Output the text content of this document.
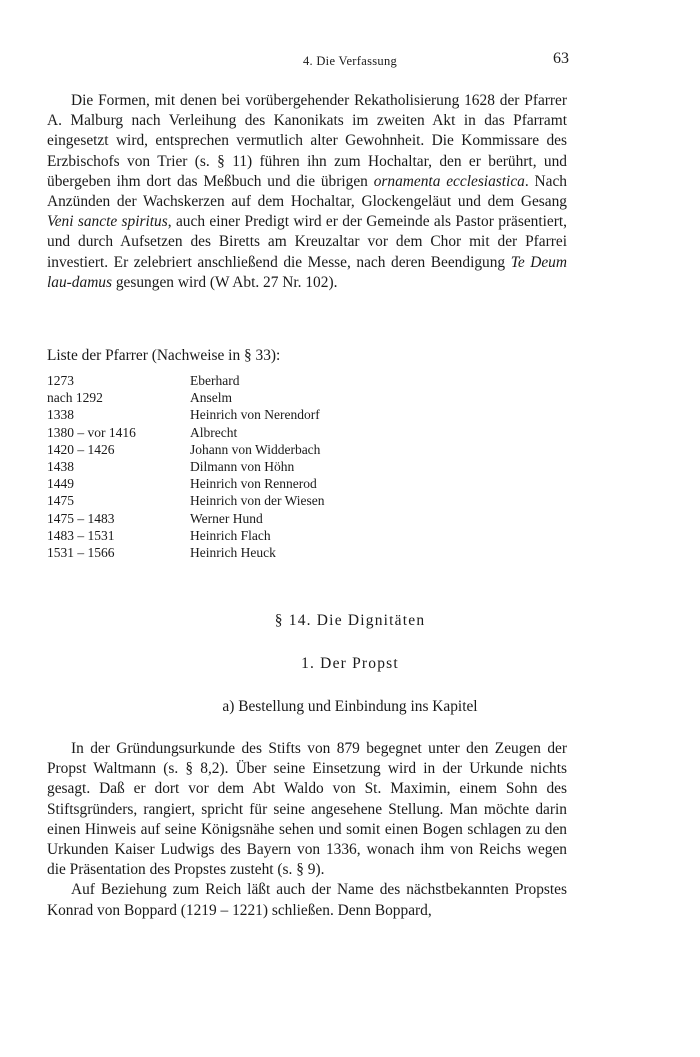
4. Die Verfassung	63

Die Formen, mit denen bei vorübergehender Rekatholisierung 1628 der Pfarrer A. Malburg nach Verleihung des Kanonikats im zweiten Akt in das Pfarramt eingesetzt wird, entsprechen vermutlich alter Gewohnheit. Die Kommissare des Erzbischofs von Trier (s. § 11) führen ihn zum Hochaltar, den er berührt, und übergeben ihm dort das Meßbuch und die übrigen ornamenta ecclesiastica. Nach Anzünden der Wachskerzen auf dem Hochaltar, Glockengeläut und dem Gesang Veni sancte spiritus, auch einer Predigt wird er der Gemeinde als Pastor präsentiert, und durch Aufsetzen des Biretts am Kreuzaltar vor dem Chor mit der Pfarrei investiert. Er zelebriert anschließend die Messe, nach deren Beendigung Te Deum lau-damus gesungen wird (W Abt. 27 Nr. 102).

Liste der Pfarrer (Nachweise in § 33):

1273	Eberhard
nach 1292	Anselm
1338	Heinrich von Nerendorf
1380 – vor 1416	Albrecht
1420 – 1426	Johann von Widderbach
1438	Dilmann von Höhn
1449	Heinrich von Rennerod
1475	Heinrich von der Wiesen
1475 – 1483	Werner Hund
1483 – 1531	Heinrich Flach
1531 – 1566	Heinrich Heuck
§ 14. Die Dignitäten
1. Der Propst
a) Bestellung und Einbindung ins Kapitel

In der Gründungsurkunde des Stifts von 879 begegnet unter den Zeugen der Propst Waltmann (s. § 8,2). Über seine Einsetzung wird in der Urkunde nichts gesagt. Daß er dort vor dem Abt Waldo von St. Maximin, einem Sohn des Stiftsgründers, rangiert, spricht für seine angesehene Stellung. Man möchte darin einen Hinweis auf seine Königsnähe sehen und somit einen Bogen schlagen zu den Urkunden Kaiser Ludwigs des Bayern von 1336, wonach ihm von Reichs wegen die Präsentation des Propstes zusteht (s. § 9).

Auf Beziehung zum Reich läßt auch der Name des nächstbekannten Propstes Konrad von Boppard (1219 – 1221) schließen. Denn Boppard,
